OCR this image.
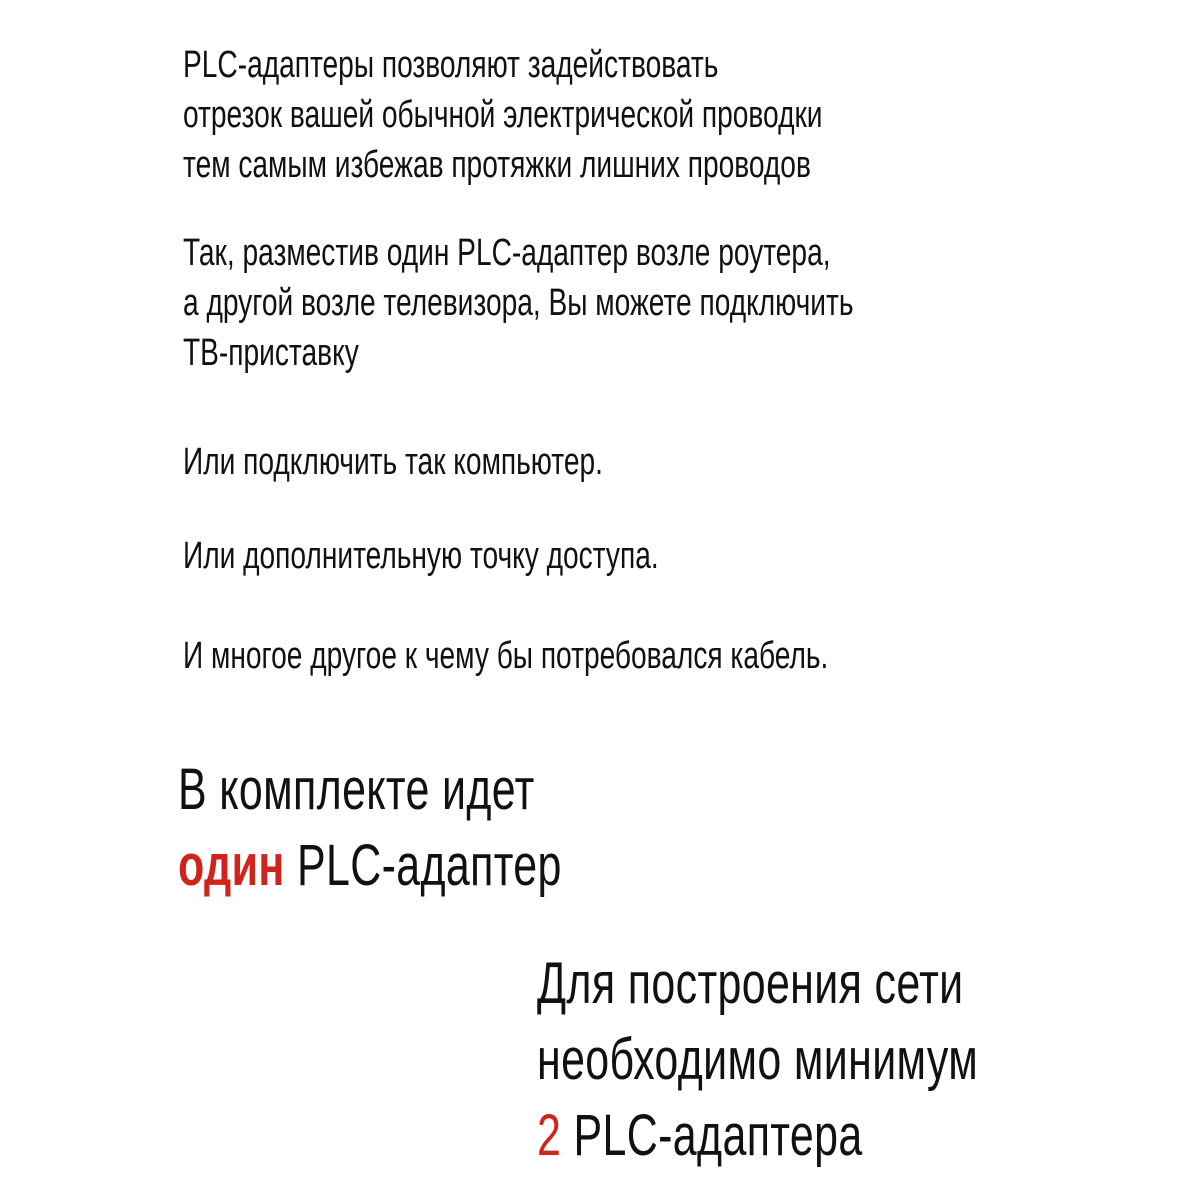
PLC-адаптеры позволяют задействовать
отрезок вашей обычной электрической проводки
тем самым избежав протяжки лишних проводов
Так, разместив один PLC-адаптер возле роутера,
а другой возле телевизора, Вы можете подключить
ТВ-приставку
Или подключить так компьютер.
Или дополнительную точку доступа.
И многое другое к чему бы потребовался кабель.
В комплекте идет
один PLC-адаптер
Для построения сети
необходимо минимум
2 PLC-адаптера
